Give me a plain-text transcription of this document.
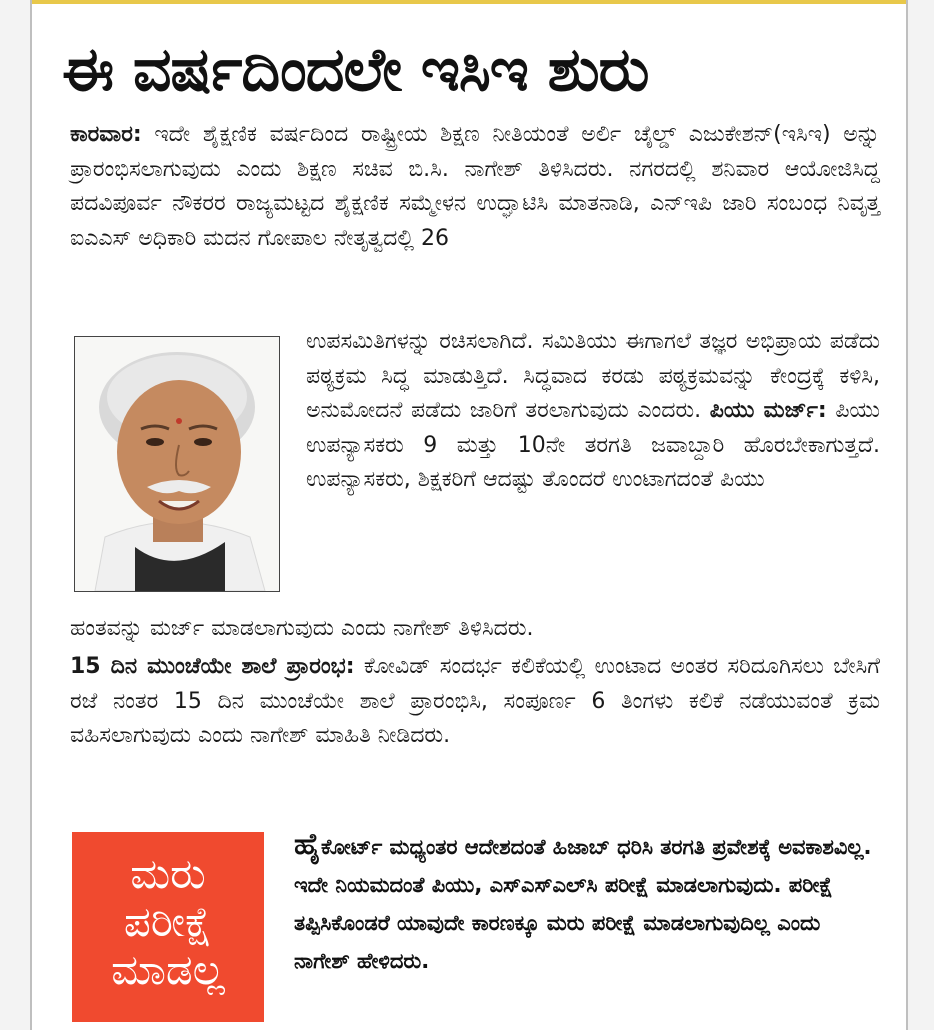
ಈ ವರ್ಷದಿಂದಲೇ ಇಸಿಇ ಶುರು
ಕಾರವಾರ: ಇದೇ ಶೈಕ್ಷಣಿಕ ವರ್ಷದಿಂದ ರಾಷ್ಟ್ರೀಯ ಶಿಕ್ಷಣ ನೀತಿಯಂತೆ ಅರ್ಲಿ ಚೈಲ್ಡ್ ಎಜುಕೇಶನ್(ಇಸಿಇ) ಅನ್ನು ಪ್ರಾರಂಭಿಸಲಾಗುವುದು ಎಂದು ಶಿಕ್ಷಣ ಸಚಿವ ಬಿ.ಸಿ. ನಾಗೇಶ್ ತಿಳಿಸಿದರು. ನಗರದಲ್ಲಿ ಶನಿವಾರ ಆಯೋಜಿಸಿದ್ದ ಪದವಿಪೂರ್ವ ನೌಕರರ ರಾಜ್ಯಮಟ್ಟದ ಶೈಕ್ಷಣಿಕ ಸಮ್ಮೇಳನ ಉದ್ಘಾಟಿಸಿ ಮಾತನಾಡಿ, ಎನ್‌ಇಪಿ ಜಾರಿ ಸಂಬಂಧ ನಿವೃತ್ತ ಐಎಎಸ್ ಅಧಿಕಾರಿ ಮದನ ಗೋಪಾಲ ನೇತೃತ್ವದಲ್ಲಿ 26
ಉಪಸಮಿತಿಗಳನ್ನು ರಚಿಸಲಾಗಿದೆ. ಸಮಿತಿಯು ಈಗಾಗಲೆ ತಜ್ಞರ ಅಭಿಪ್ರಾಯ ಪಡೆದು ಪಠ್ಯಕ್ರಮ ಸಿದ್ಧ ಮಾಡುತ್ತಿದೆ. ಸಿದ್ಧವಾದ ಕರಡು ಪಠ್ಯಕ್ರಮವನ್ನು ಕೇಂದ್ರಕ್ಕೆ ಕಳಿಸಿ, ಅನುಮೋದನೆ ಪಡೆದು ಜಾರಿಗೆ ತರಲಾಗುವುದು ಎಂದರು. ಪಿಯು ಮರ್ಜ್: ಪಿಯು ಉಪನ್ಯಾಸಕರು 9 ಮತ್ತು 10ನೇ ತರಗತಿ ಜವಾಬ್ದಾರಿ ಹೊರಬೇಕಾಗುತ್ತದೆ. ಉಪನ್ಯಾಸಕರು, ಶಿಕ್ಷಕರಿಗೆ ಆದಷ್ಟು ತೊಂದರೆ ಉಂಟಾಗದಂತೆ ಪಿಯು
ಹಂತವನ್ನು ಮರ್ಜ್ ಮಾಡಲಾಗುವುದು ಎಂದು ನಾಗೇಶ್ ತಿಳಿಸಿದರು.
15 ದಿನ ಮುಂಚೆಯೇ ಶಾಲೆ ಪ್ರಾರಂಭ: ಕೋವಿಡ್ ಸಂದರ್ಭ ಕಲಿಕೆಯಲ್ಲಿ ಉಂಟಾದ ಅಂತರ ಸರಿದೂಗಿಸಲು ಬೇಸಿಗೆ ರಜೆ ನಂತರ 15 ದಿನ ಮುಂಚೆಯೇ ಶಾಲೆ ಪ್ರಾರಂಭಿಸಿ, ಸಂಪೂರ್ಣ 6 ತಿಂಗಳು ಕಲಿಕೆ ನಡೆಯುವಂತೆ ಕ್ರಮ ವಹಿಸಲಾಗುವುದು ಎಂದು ನಾಗೇಶ್ ಮಾಹಿತಿ ನೀಡಿದರು.
ಮರು
ಪರೀಕ್ಷೆ
ಮಾಡಲ್ಲ
ಹೈಕೋರ್ಟ್ ಮಧ್ಯಂತರ ಆದೇಶದಂತೆ ಹಿಜಾಬ್ ಧರಿಸಿ ತರಗತಿ ಪ್ರವೇಶಕ್ಕೆ ಅವಕಾಶವಿಲ್ಲ. ಇದೇ ನಿಯಮದಂತೆ ಪಿಯು, ಎಸ್‌ಎಸ್‌ಎಲ್‌ಸಿ ಪರೀಕ್ಷೆ ಮಾಡಲಾಗುವುದು. ಪರೀಕ್ಷೆ ತಪ್ಪಿಸಿಕೊಂಡರೆ ಯಾವುದೇ ಕಾರಣಕ್ಕೂ ಮರು ಪರೀಕ್ಷೆ ಮಾಡಲಾಗುವುದಿಲ್ಲ ಎಂದು ನಾಗೇಶ್ ಹೇಳಿದರು.
